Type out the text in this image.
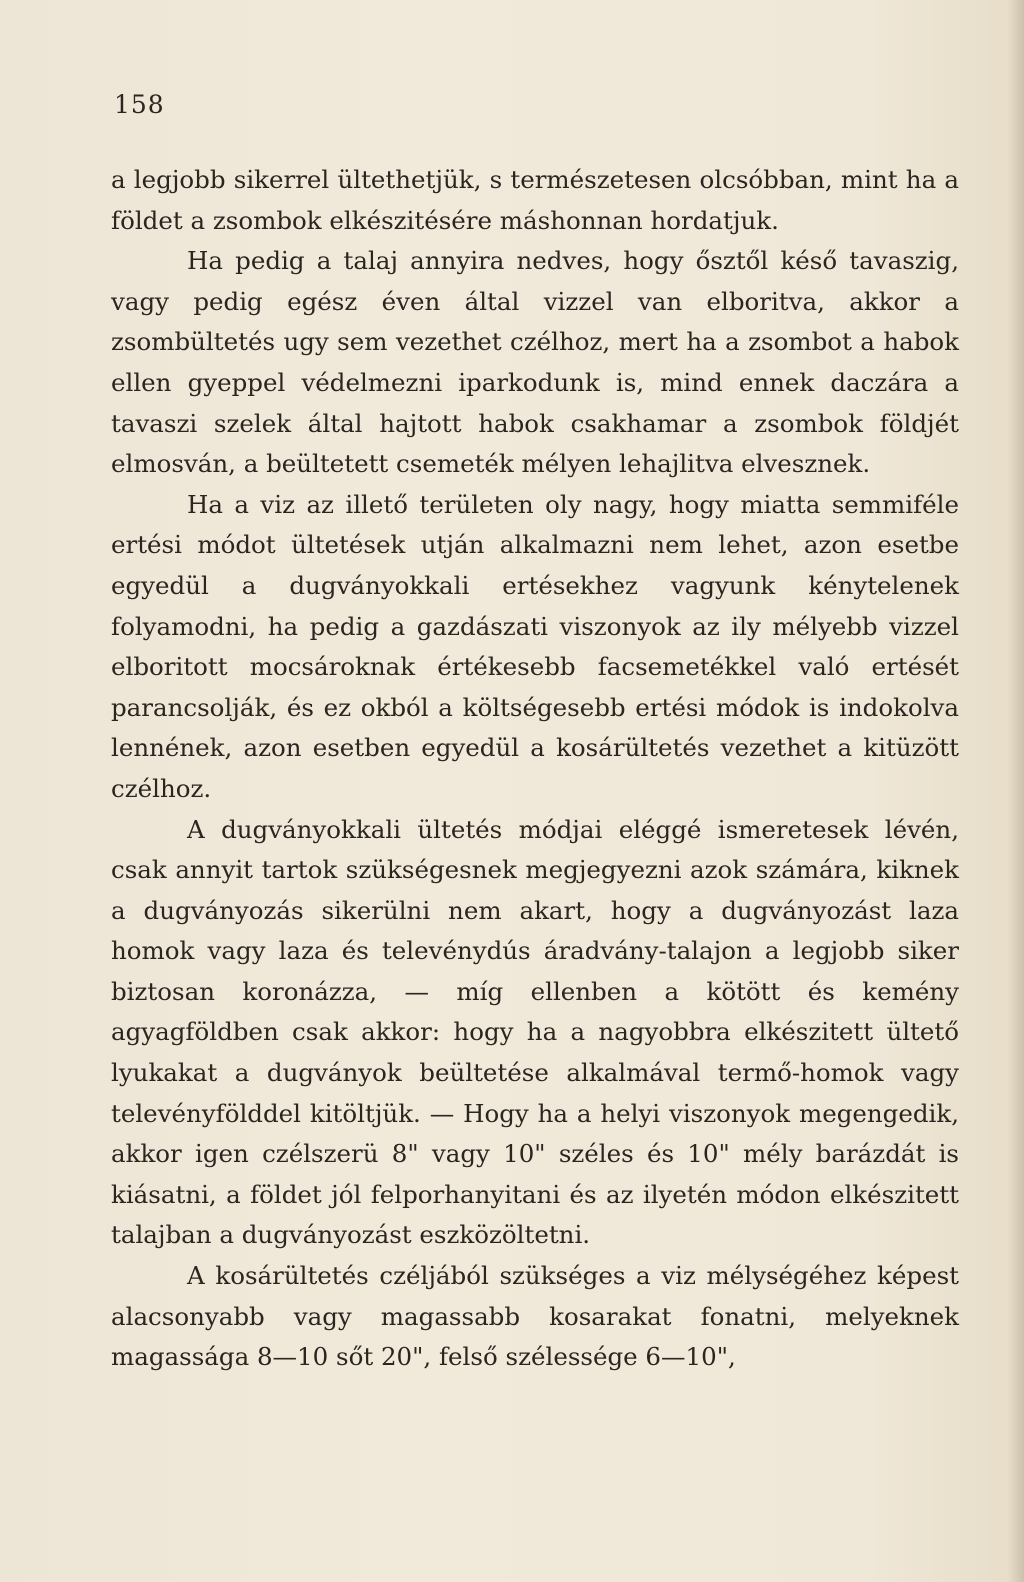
158

a legjobb sikerrel ültethetjük, s természetesen olcsóbban, mint ha a földet a zsombok elkészitésére máshonnan hordatjuk.

Ha pedig a talaj annyira nedves, hogy ősztől késő tavaszig, vagy pedig egész éven által vizzel van elboritva, akkor a zsombültetés ugy sem vezethet czélhoz, mert ha a zsombot a habok ellen gyeppel védelmezni iparkodunk is, mind ennek daczára a tavaszi szelek által hajtott habok csakhamar a zsombok földjét elmosván, a beültetett csemeték mélyen lehajlitva elvesznek.

Ha a viz az illető területen oly nagy, hogy miatta semmiféle ertési módot ültetések utján alkalmazni nem lehet, azon esetbe egyedül a dugványokkali ertésekhez vagyunk kénytelenek folyamodni, ha pedig a gazdászati viszonyok az ily mélyebb vizzel elboritott mocsároknak értékesebb facsemetékkel való ertését parancsolják, és ez okból a költségesebb ertési módok is indokolva lennének, azon esetben egyedül a kosárültetés vezethet a kitüzött czélhoz.

A dugványokkali ültetés módjai eléggé ismeretesek lévén, csak annyit tartok szükségesnek megjegyezni azok számára, kiknek a dugványozás sikerülni nem akart, hogy a dugványozást laza homok vagy laza és televénydús áradvány-talajon a legjobb siker biztosan koronázza, — míg ellenben a kötött és kemény agyagföldben csak akkor: hogy ha a nagyobbra elkészitett ültető lyukakat a dugványok beültetése alkalmával termő-homok vagy televényfölddel kitöltjük. — Hogy ha a helyi viszonyok megengedik, akkor igen czélszerü 8" vagy 10" széles és 10" mély barázdát is kiásatni, a földet jól felporhanyitani és az ilyetén módon elkészitett talajban a dugványozást eszközöltetni.

A kosárültetés czéljából szükséges a viz mélységéhez képest alacsonyabb vagy magassabb kosarakat fonatni, melyeknek magassága 8—10 sőt 20", felső szélessége 6—10",
